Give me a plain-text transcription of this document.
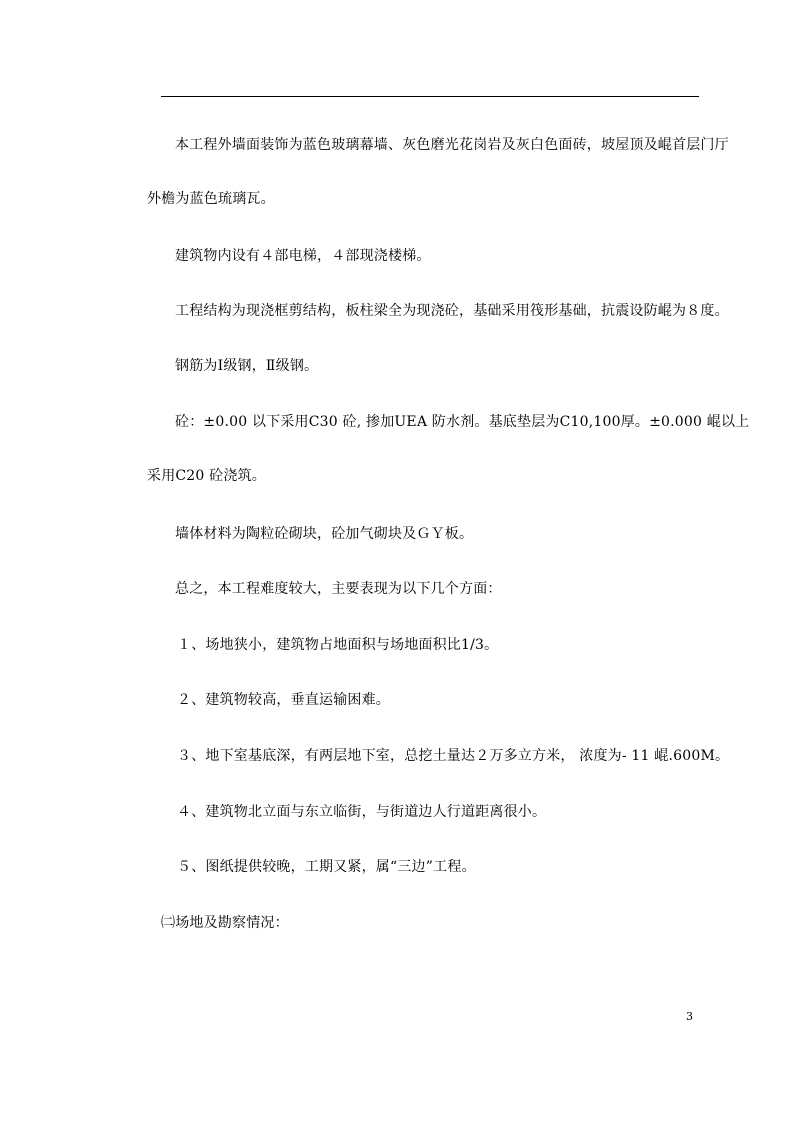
本工程外墙面装饰为蓝色玻璃幕墙、灰色磨光花岗岩及灰白色面砖，坡屋顶及崐首层门厅
外檐为蓝色琉璃瓦。

建筑物内设有４部电梯，４部现浇楼梯。

工程结构为现浇框剪结构，板柱梁全为现浇砼，基础采用筏形基础，抗震设防崐为８度。

钢筋为Ⅰ级钢，Ⅱ级钢。

砼：±0.00 以下采用C30 砼, 掺加UEA 防水剂。基底垫层为C10,100厚。±0.000 崐以上
采用C20 砼浇筑。

墙体材料为陶粒砼砌块，砼加气砌块及ＧＹ板。

总之，本工程难度较大，主要表现为以下几个方面：

１、场地狭小，建筑物占地面积与场地面积比1/3。

２、建筑物较高，垂直运输困难。

３、地下室基底深，有两层地下室，总挖土量达２万多立方米， 浓度为- 11 崐.600M。

４、建筑物北立面与东立临街，与街道边人行道距离很小。

５、图纸提供较晚，工期又紧，属“三边”工程。

㈡场地及勘察情况：

3
